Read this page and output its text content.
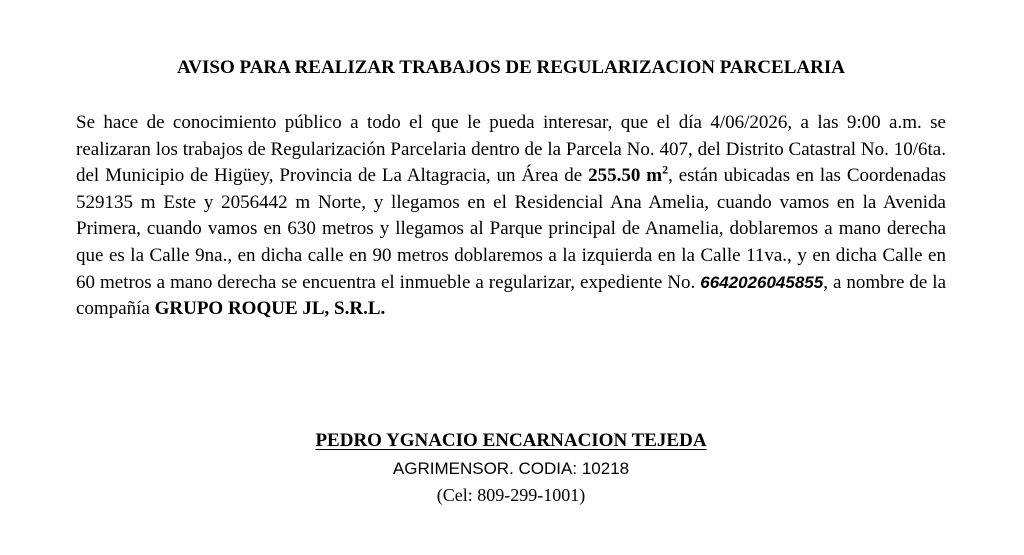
AVISO PARA REALIZAR TRABAJOS DE REGULARIZACION PARCELARIA
Se hace de conocimiento público a todo el que le pueda interesar, que el día 4/06/2026, a las 9:00 a.m. se realizaran los trabajos de Regularización Parcelaria dentro de la Parcela No. 407, del Distrito Catastral No. 10/6ta. del Municipio de Higüey, Provincia de La Altagracia, un Área de 255.50 $m^2$, están ubicadas en las Coordenadas 529135 m Este y 2056442 m Norte, y llegamos en el Residencial Ana Amelia, cuando vamos en la Avenida Primera, cuando vamos en 630 metros y llegamos al Parque principal de Anamelia, doblaremos a mano derecha que es la Calle 9na., en dicha calle en 90 metros doblaremos a la izquierda en la Calle 11va., y en dicha Calle en 60 metros a mano derecha se encuentra el inmueble a regularizar, expediente No. 6642026045855, a nombre de la compañía GRUPO ROQUE JL, S.R.L.
PEDRO YGNACIO ENCARNACION TEJEDA
AGRIMENSOR. CODIA: 10218
(Cel: 809-299-1001)
